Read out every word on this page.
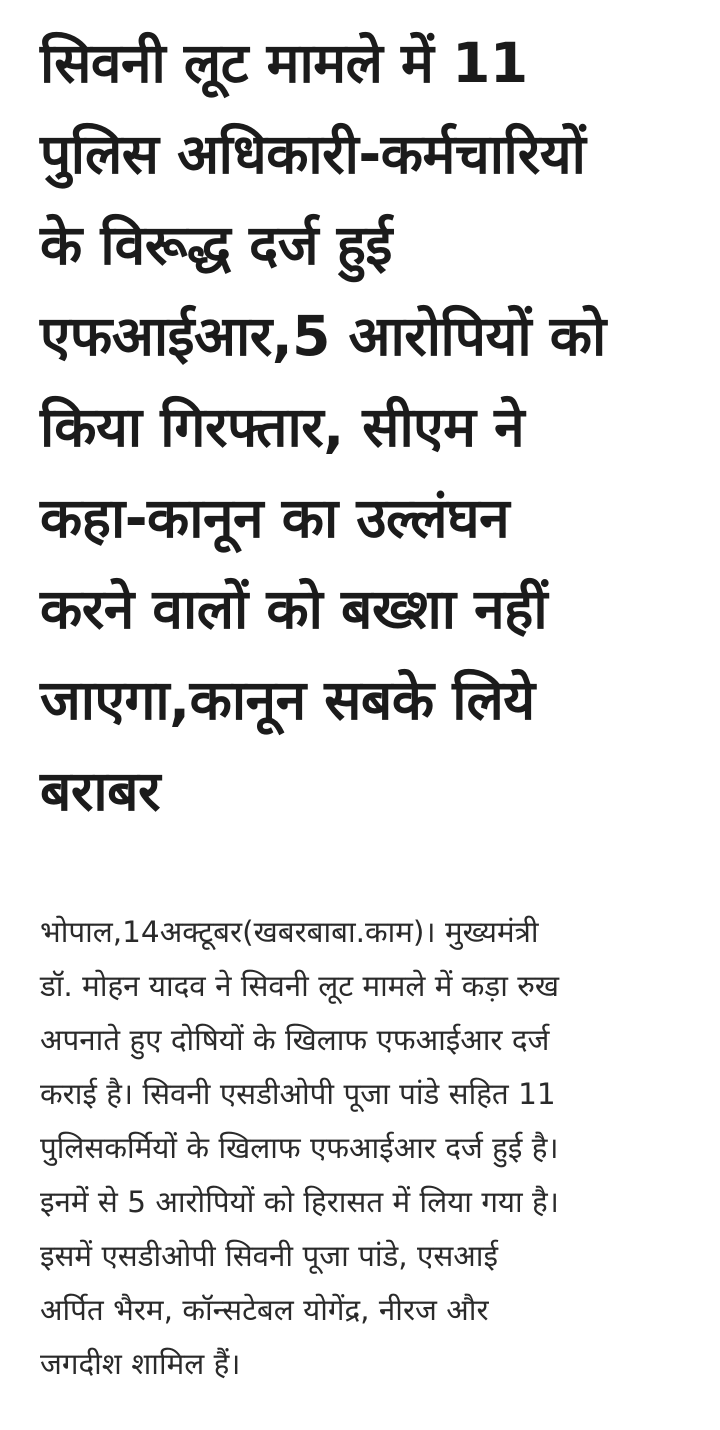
सिवनी लूट मामले में 11
पुलिस अधिकारी-कर्मचारियों
के विरूद्ध दर्ज हुई
एफआईआर,5 आरोपियों को
किया गिरफ्तार, सीएम ने
कहा-कानून का उल्लंघन
करने वालों को बख्शा नहीं
जाएगा,कानून सबके लिये
बराबर

भोपाल,14अक्टूबर(खबरबाबा.काम)। मुख्यमंत्री
डॉ. मोहन यादव ने सिवनी लूट मामले में कड़ा रुख
अपनाते हुए दोषियों के खिलाफ एफआईआर दर्ज
कराई है। सिवनी एसडीओपी पूजा पांडे सहित 11
पुलिसकर्मियों के खिलाफ एफआईआर दर्ज हुई है।
इनमें से 5 आरोपियों को हिरासत में लिया गया है।
इसमें एसडीओपी सिवनी पूजा पांडे, एसआई
अर्पित भैरम, कॉन्सटेबल योगेंद्र, नीरज और
जगदीश शामिल हैं।
